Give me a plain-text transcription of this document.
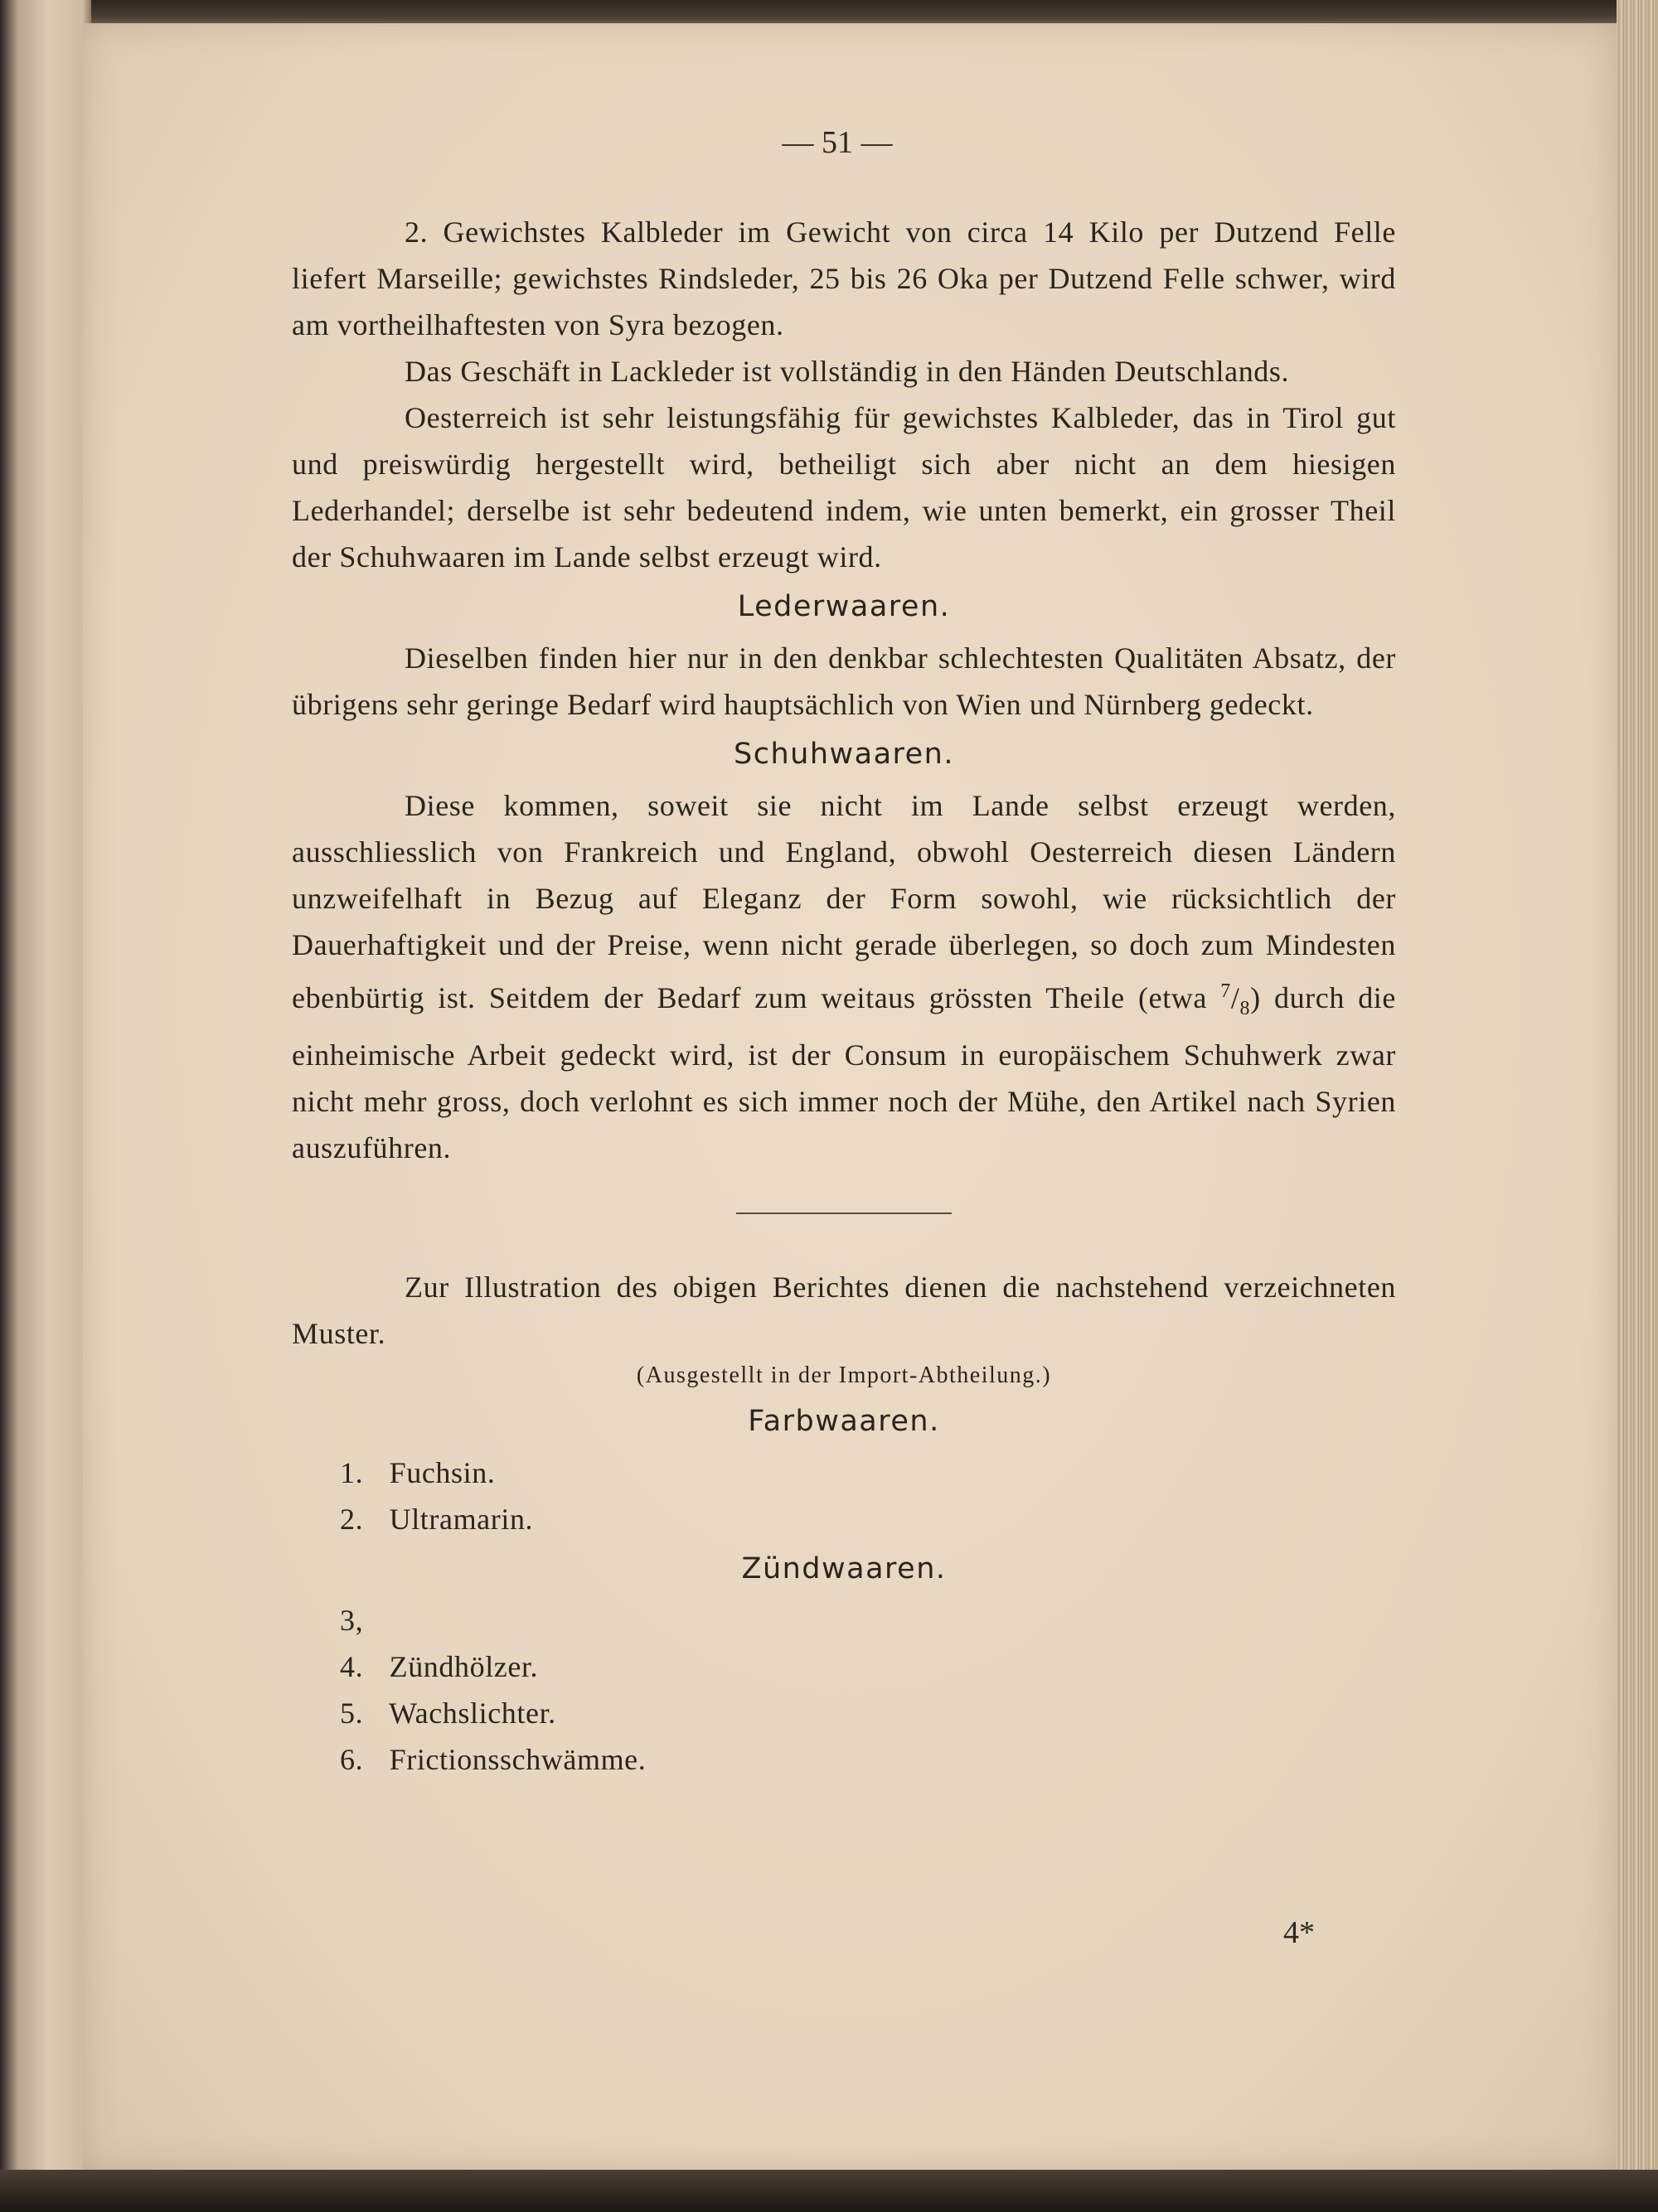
— 51 —

2. Gewichstes Kalbleder im Gewicht von circa 14 Kilo per Dutzend Felle liefert Marseille; gewichstes Rindsleder, 25 bis 26 Oka per Dutzend Felle schwer, wird am vortheilhaftesten von Syra bezogen.

Das Geschäft in Lackleder ist vollständig in den Händen Deutschlands.

Oesterreich ist sehr leistungsfähig für gewichstes Kalbleder, das in Tirol gut und preiswürdig hergestellt wird, betheiligt sich aber nicht an dem hiesigen Lederhandel; derselbe ist sehr bedeutend indem, wie unten bemerkt, ein grosser Theil der Schuhwaaren im Lande selbst erzeugt wird.

Lederwaaren.

Dieselben finden hier nur in den denkbar schlechtesten Qualitäten Absatz, der übrigens sehr geringe Bedarf wird hauptsächlich von Wien und Nürnberg gedeckt.

Schuhwaaren.

Diese kommen, soweit sie nicht im Lande selbst erzeugt werden, ausschliesslich von Frankreich und England, obwohl Oesterreich diesen Ländern unzweifelhaft in Bezug auf Eleganz der Form sowohl, wie rücksichtlich der Dauerhaftigkeit und der Preise, wenn nicht gerade überlegen, so doch zum Mindesten ebenbürtig ist. Seitdem der Bedarf zum weitaus grössten Theile (etwa $^7/_8$) durch die einheimische Arbeit gedeckt wird, ist der Consum in europäischem Schuhwerk zwar nicht mehr gross, doch verlohnt es sich immer noch der Mühe, den Artikel nach Syrien auszuführen.

Zur Illustration des obigen Berichtes dienen die nachstehend verzeichneten Muster.

(Ausgestellt in der Import-Abtheilung.)
Farbwaaren.
1. Fuchsin.
2. Ultramarin.
Zündwaaren.
3, 4. Zündhölzer.
5. Wachslichter.
6. Frictionsschwämme.
4*
